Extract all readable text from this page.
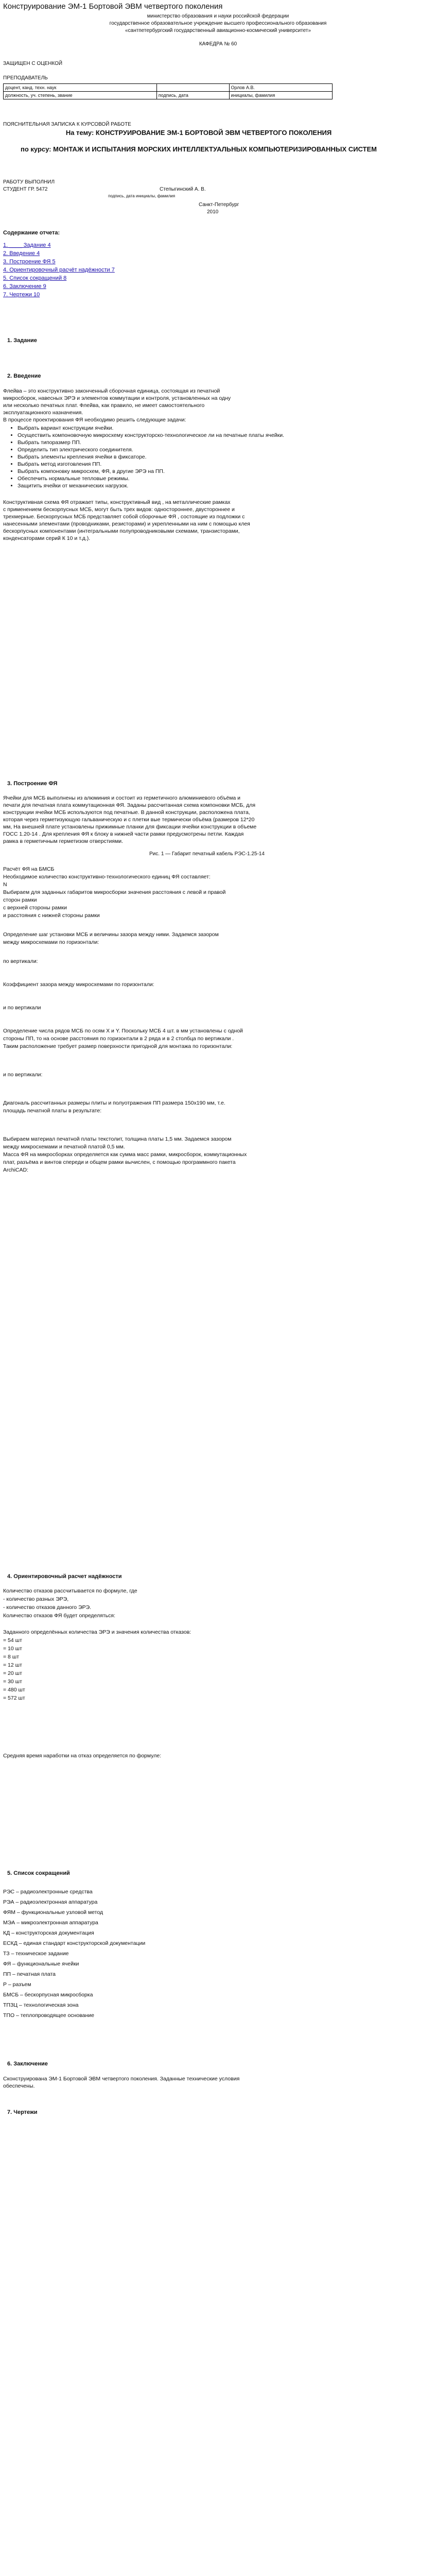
Конструирование ЭМ-1 Бортовой ЭВМ четвертого поколения
министерство образования и науки российской федерации
государственное образовательное учреждение высшего профессионального образования
«сантпетербургский государственный авиационно-космический университет»
КАФЕДРА № 60
ЗАЩИЩЕН С ОЦЕНКОЙ
ПРЕПОДАВАТЕЛЬ
доцент, канд. техн. наук		Орлов А.В.
должность, уч. степень, звание	подпись, дата	инициалы, фамилия
ПОЯСНИТЕЛЬНАЯ ЗАПИСКА К КУРСОВОЙ РАБОТЕ
На тему: КОНСТРУИРОВАНИЕ ЭМ-1 БОРТОВОЙ ЭВМ ЧЕТВЕРТОГО ПОКОЛЕНИЯ
по курсу: МОНТАЖ И ИСПЫТАНИЯ МОРСКИХ ИНТЕЛЛЕКТУАЛЬНЫХ КОМПЬЮТЕРИЗИРОВАННЫХ СИСТЕМ
РАБОТУ ВЫПОЛНИЛ
СТУДЕНТ ГР. 5472	Степыгинский А. В.
подпись, дата инициалы, фамилия
Санкт-Петербург
2010
Содержание отчета:
1. ____ Задание 4
2. Введение 4
3. Построение ФЯ 5
4. Ориентировочный расчёт надёжности 7
5. Список сокращений 8
6. Заключение 9
7. Чертежи 10
1. Задание
2. Введение
Флейва – это конструктивно законченный сборочная единица, состоящая из печатной
микросборок, навесных ЭРЭ и элементов коммутации и контроля, установленных на одну
или несколько печатных плат. Флейва, как правило, не имеет самостоятельного
эксплуатационного назначения.
В процессе проектирования ФЯ необходимо решить следующие задачи:
• Выбрать вариант конструкции ячейки.
• Осуществить компоновочную микросхему конструкторско-технологическое ли на печатные платы ячейки.
• Выбрать типоразмер ПП.
• Определить тип электрического соединителя.
• Выбрать элементы крепления ячейки в фиксаторе.
• Выбрать метод изготовления ПП.
• Выбрать компоновку микросхем, ФЯ, в другие ЭРЭ на ПП.
• Обеспечить нормальные тепловые режимы.
• Защитить ячейки от механических нагрузок.
Конструктивная схема ФЯ отражает типы, конструктивный вид , на металлические рамках
с применением бескорпусных МСБ, могут быть трех видов: одностороннее, двустороннее и
трехмерные. Бескорпусных МСБ представляет собой сборочные ФЯ , состоящие из подложки с
нанесенными элементами (проводниками, резисторами) и укрепленными на ним с помощью клея
бескорпусных компонентами (интегральными полупроводниковыми схемами, транзисторами,
конденсаторами серий К 10 и т.д.).
3. Построение ФЯ
Ячейки для МСБ выполнены из алюминия и состоит из герметичного алюминиевого объёма и
печати для печатная плата коммутационная ФЯ. Заданы рассчитанная схема компоновки МСБ, для
конструкции ячейки МСБ используются под печатные. В данной конструкции, расположена плата,
которая через герметизующую гальваническую и с плетки вые термически объёма (размеров 12*20
мм, На внешней плате установлены прижимные планки для фиксации ячейки конструкции в объеме
ГОСС 1.20-14 . Для крепления ФЯ к блоку в нижней части рамки предусмотрены петли. Каждая
рамка в герметичным герметизом отверстиями.
Рис. 1 — Габарит печатный кабель РЭС-1.25-14
Расчёт ФЯ на БМСБ
Необходимое количество конструктивно-технологического единиц ФЯ составляет:
N
Выбираем для заданных габаритов микросборки значения расстояния с левой и правой
сторон рамки
с верхней стороны рамки
и расстояния с нижней стороны рамки
Определение шаг установки МСБ и величины зазора между ними. Задаемся зазором
между микросхемами по горизонтали:
по вертикали:
Коэффициент зазора между микросхемами по горизонтали:
и по вертикали
Определение числа рядов МСБ по осям X и Y. Поскольку МСБ 4 шт. в мм установлены с одной
стороны ПП, то на основе расстояния по горизонтали в 2 ряда и в 2 столбца по вертикали .
Таким расположение требует размер поверхности пригодной для монтажа по горизонтали:
и по вертикали:
Диагональ рассчитанных размеры плиты и полуотражения ПП размера 150х190 мм, т.е.
площадь печатной платы в результате:
Выбираем материал печатной платы текстолит, толщина платы 1,5 мм. Задаемся зазором
между микросхемами и печатной платой 0,5 мм.
Масса ФЯ на микросборках определяется как сумма масс рамки, микросборок, коммутационных
плат, разъёма и винтов спереди и общем рамки вычислен, с помощью программного пакета
ArchiCAD:
4. Ориентировочный расчет надёжности
Количество отказов рассчитывается по формуле, где
- количество разных ЭРЭ,
- количество отказов данного ЭРЭ.
Количество отказов ФЯ будет определяться:
Заданного определённых количества ЭРЭ и значения количества отказов:
= 54 шт
= 10 шт
= 8 шт
= 12 шт
= 20 шт
= 30 шт
= 480 шт
= 572 шт
Средняя время наработки на отказ определяется по формуле:
5. Список сокращений
РЭС – радиоэлектронные средства
РЭА – радиоэлектронная аппаратура
ФЯМ – функциональные узловой метод
МЭА – микроэлектронная аппаратура
КД – конструкторская документация
ЕСКД – единая стандарт конструкторской документации
ТЗ – техническое задание
ФЯ – функциональные ячейки
ПП – печатная плата
Р – разъем
БМСБ – бескорпусная микросборка
ТПЗЦ – технологическая зона
ТПО – теплопроводящее основание
6. Заключение
Сконструирована ЭМ-1 Бортовой ЭВМ четвертого поколения. Заданные технические условия
обеспечены.
7. Чертежи
